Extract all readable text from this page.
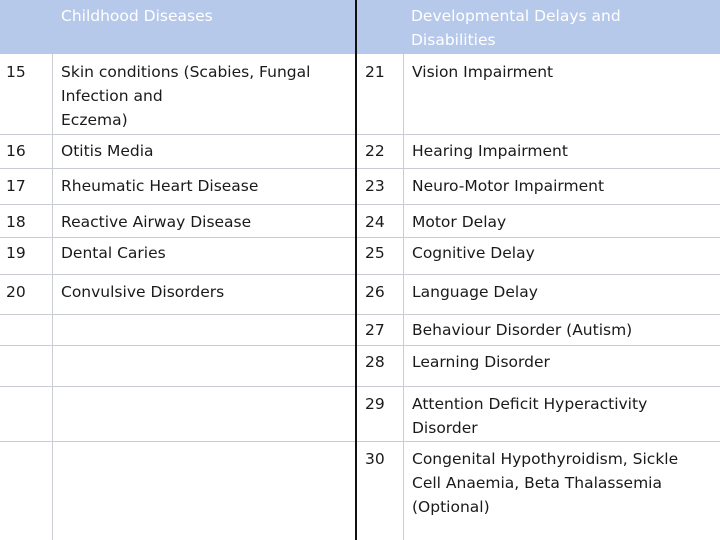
Childhood Diseases	Developmental Delays and Disabilities
15 Skin conditions (Scabies, Fungal
Infection and
Eczema)
16 Otitis Media
17 Rheumatic Heart Disease
18 Reactive Airway Disease
19 Dental Caries
20 Convulsive Disorders
21 Vision Impairment
22 Hearing Impairment
23 Neuro-Motor Impairment
24 Motor Delay
25 Cognitive Delay
26 Language Delay
27 Behaviour Disorder (Autism)
28 Learning Disorder
29 Attention Deficit Hyperactivity
Disorder
30 Congenital Hypothyroidism, Sickle
Cell Anaemia, Beta Thalassemia
(Optional)
